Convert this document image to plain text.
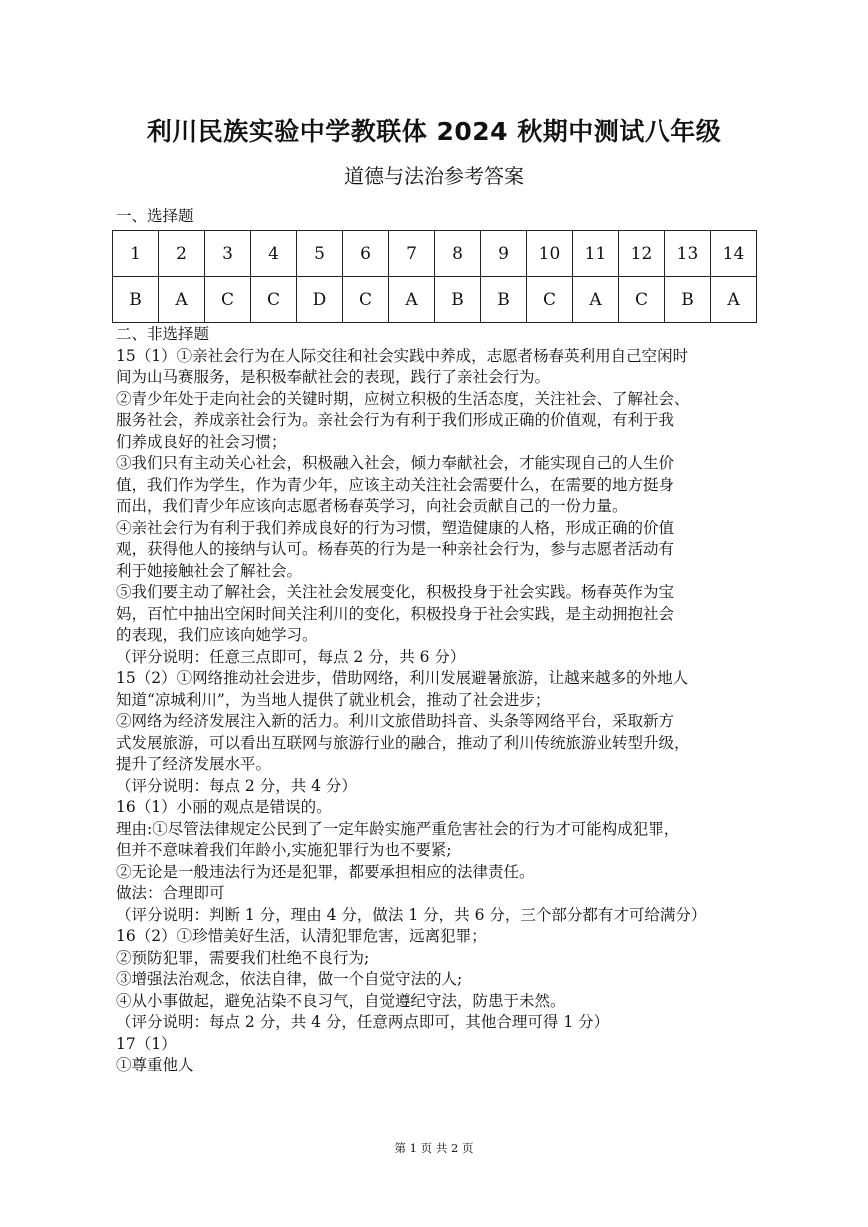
利川民族实验中学教联体 2024 秋期中测试八年级
道德与法治参考答案
一、选择题
1	2	3	4	5	6	7	8	9	10	11	12	13	14
B	A	C	C	D	C	A	B	B	C	A	C	B	A

二、非选择题

15（1）①亲社会行为在人际交往和社会实践中养成，志愿者杨春英利用自己空闲时

间为山马赛服务，是积极奉献社会的表现，践行了亲社会行为。

②青少年处于走向社会的关键时期，应树立积极的生活态度，关注社会、了解社会、

服务社会，养成亲社会行为。亲社会行为有利于我们形成正确的价值观，有利于我

们养成良好的社会习惯；

③我们只有主动关心社会，积极融入社会，倾力奉献社会，才能实现自己的人生价

值，我们作为学生，作为青少年，应该主动关注社会需要什么，在需要的地方挺身

而出，我们青少年应该向志愿者杨春英学习，向社会贡献自己的一份力量。

④亲社会行为有利于我们养成良好的行为习惯，塑造健康的人格，形成正确的价值

观，获得他人的接纳与认可。杨春英的行为是一种亲社会行为，参与志愿者活动有

利于她接触社会了解社会。

⑤我们要主动了解社会，关注社会发展变化，积极投身于社会实践。杨春英作为宝

妈，百忙中抽出空闲时间关注利川的变化，积极投身于社会实践，是主动拥抱社会

的表现，我们应该向她学习。

（评分说明：任意三点即可，每点 2 分，共 6 分）

15（2）①网络推动社会进步，借助网络，利川发展避暑旅游，让越来越多的外地人

知道“凉城利川”，为当地人提供了就业机会，推动了社会进步；

②网络为经济发展注入新的活力。利川文旅借助抖音、头条等网络平台，采取新方

式发展旅游，可以看出互联网与旅游行业的融合，推动了利川传统旅游业转型升级，

提升了经济发展水平。

（评分说明：每点 2 分，共 4 分）

16（1）小丽的观点是错误的。

理由:①尽管法律规定公民到了一定年龄实施严重危害社会的行为才可能构成犯罪，

但并不意味着我们年龄小,实施犯罪行为也不要紧;

②无论是一般违法行为还是犯罪，都要承担相应的法律责任。

做法：合理即可

（评分说明：判断 1 分，理由 4 分，做法 1 分，共 6 分，三个部分都有才可给满分）

16（2）①珍惜美好生活，认清犯罪危害，远离犯罪；

②预防犯罪，需要我们杜绝不良行为;

③增强法治观念，依法自律，做一个自觉守法的人;

④从小事做起，避免沾染不良习气，自觉遵纪守法，防患于未然。

（评分说明：每点 2 分，共 4 分，任意两点即可，其他合理可得 1 分）

17（1）

①尊重他人

第 1 页 共 2 页
